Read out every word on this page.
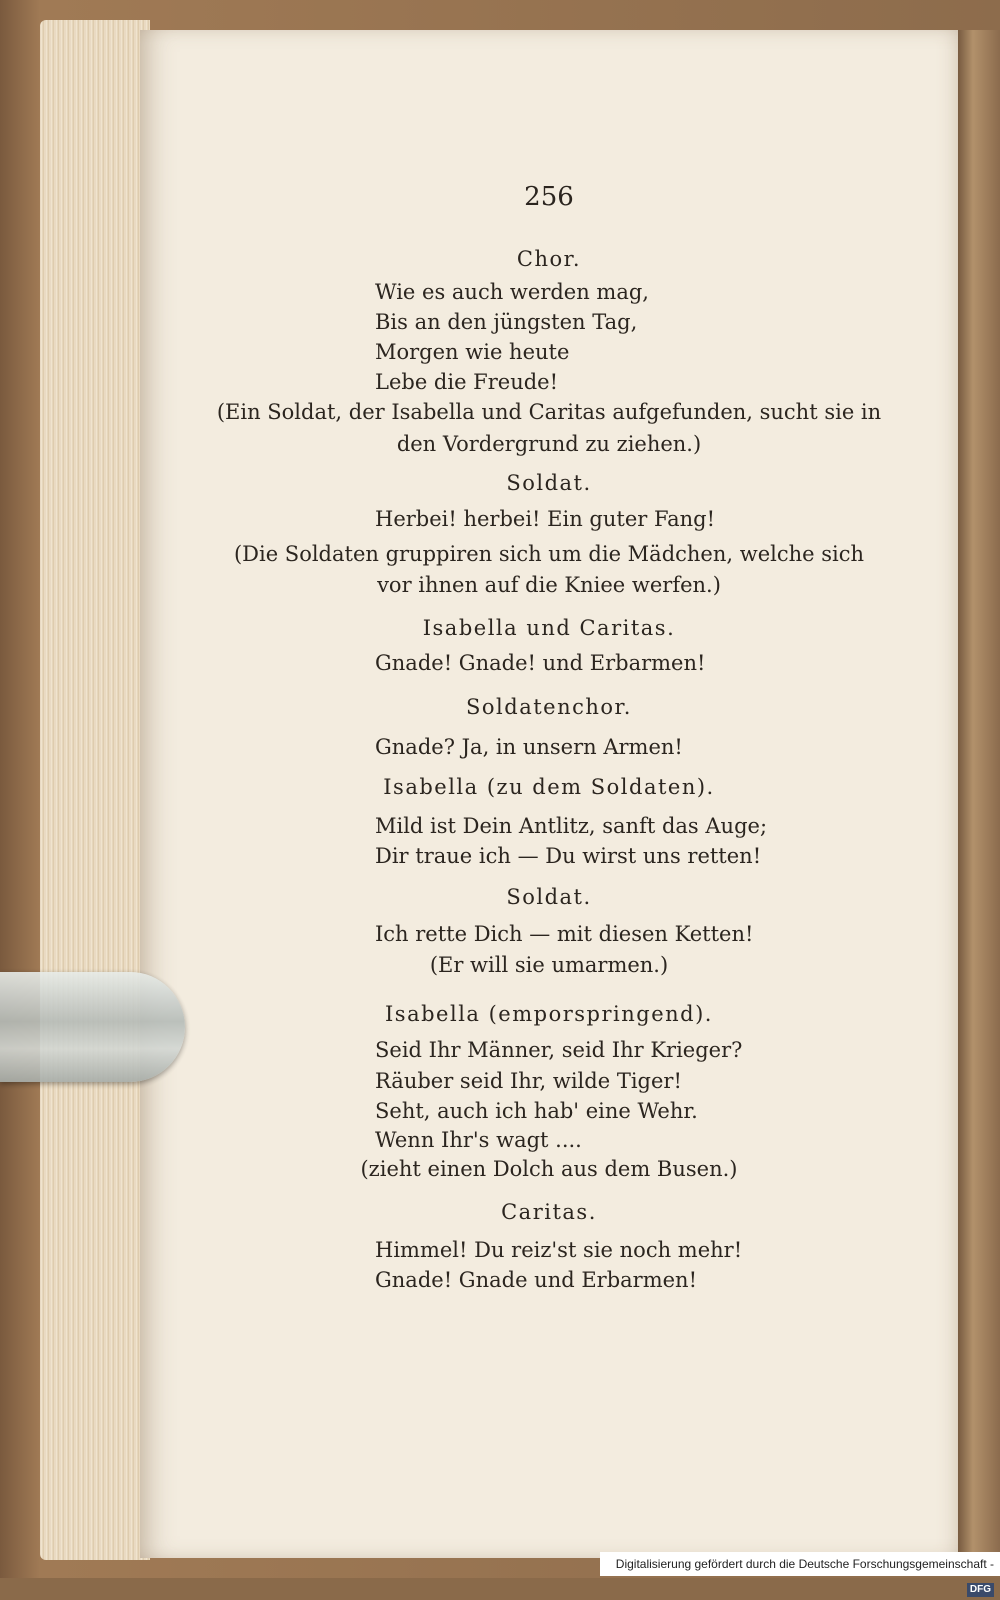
256
Chor.
Wie es auch werden mag,
Bis an den jüngsten Tag,
Morgen wie heute
Lebe die Freude!
(Ein Soldat, der Isabella und Caritas aufgefunden, sucht sie in
den Vordergrund zu ziehen.)
Soldat.
Herbei! herbei! Ein guter Fang!
(Die Soldaten gruppiren sich um die Mädchen, welche sich
vor ihnen auf die Kniee werfen.)
Isabella und Caritas.
Gnade! Gnade! und Erbarmen!
Soldatenchor.
Gnade? Ja, in unsern Armen!
Isabella (zu dem Soldaten).
Mild ist Dein Antlitz, sanft das Auge;
Dir traue ich — Du wirst uns retten!
Soldat.
Ich rette Dich — mit diesen Ketten!
(Er will sie umarmen.)
Isabella (emporspringend).
Seid Ihr Männer, seid Ihr Krieger?
Räuber seid Ihr, wilde Tiger!
Seht, auch ich hab' eine Wehr.
Wenn Ihr's wagt ....
(zieht einen Dolch aus dem Busen.)
Caritas.
Himmel! Du reiz'st sie noch mehr!
Gnade! Gnade und Erbarmen!
Digitalisierung gefördert durch die Deutsche Forschungsgemeinschaft -DFG
